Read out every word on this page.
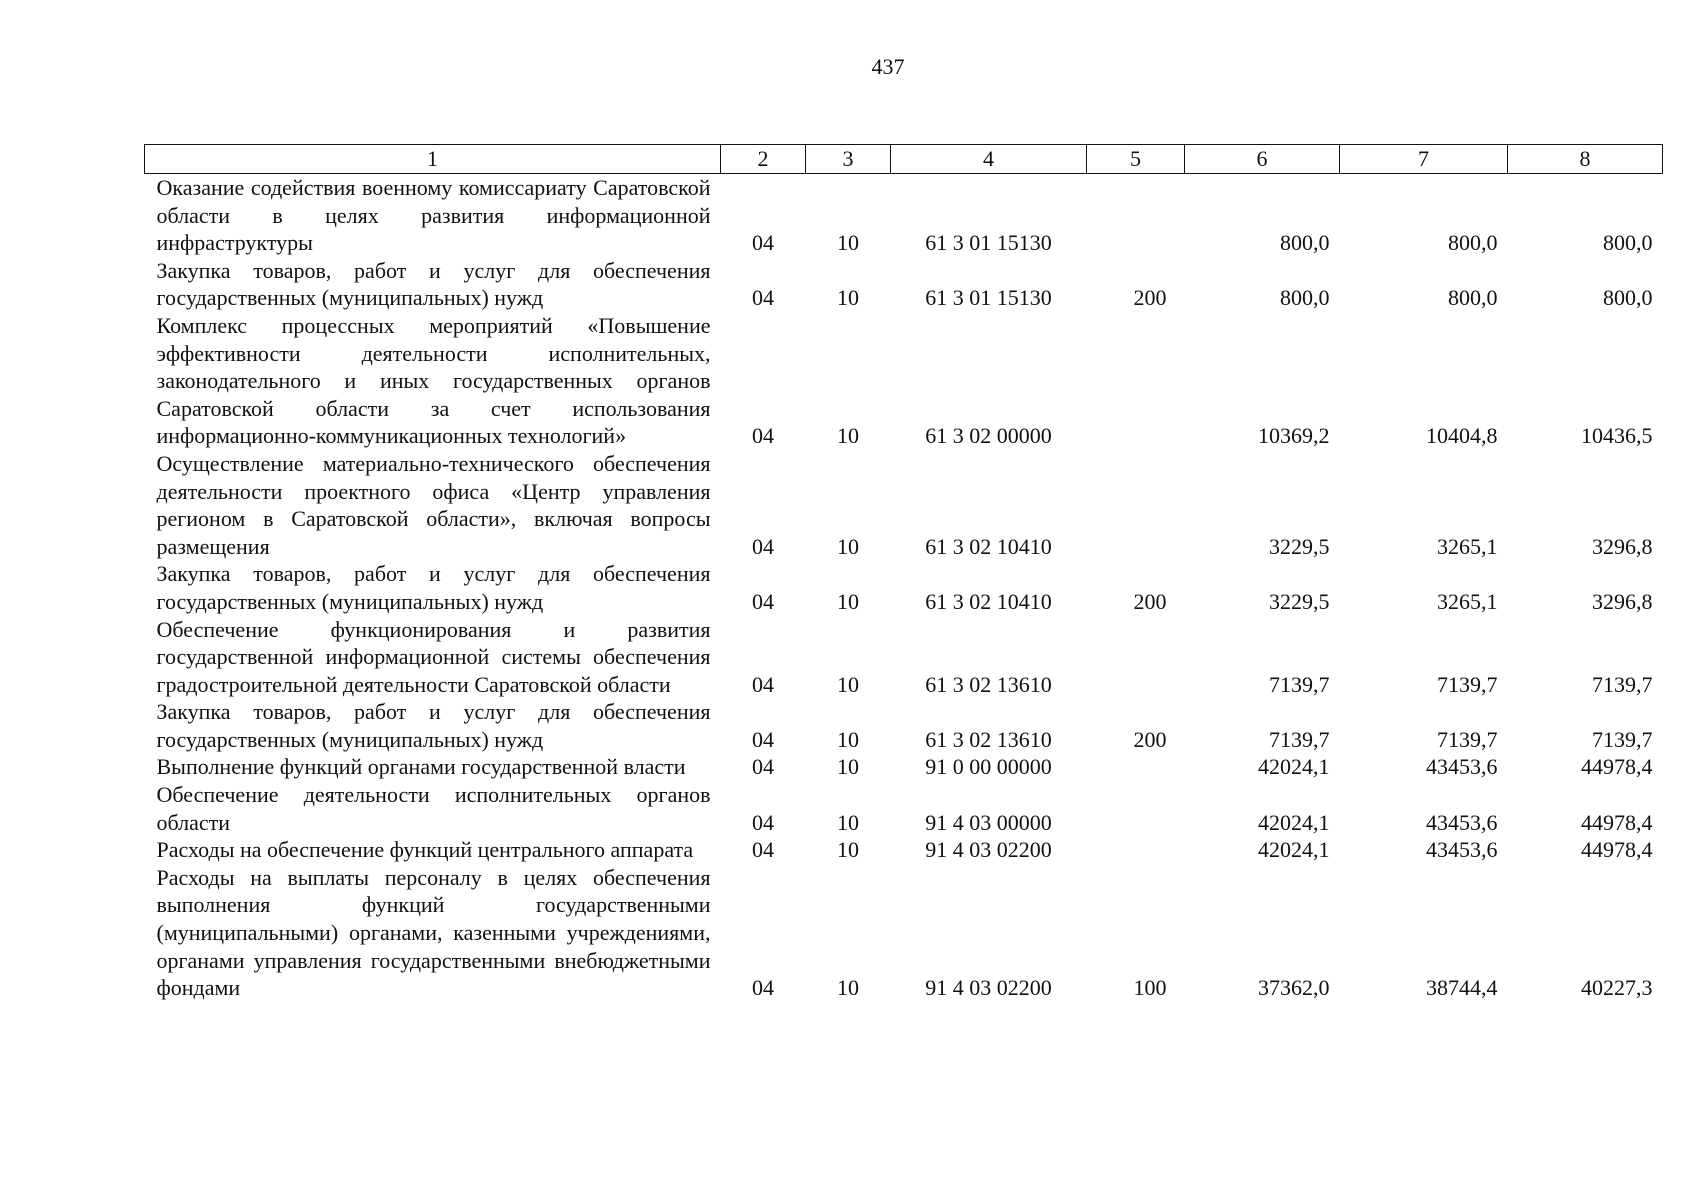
437
1	2	3	4	5	6	7	8
Оказание содействия военному комиссариату Саратовской области в целях развития информационной инфраструктуры	04	10	61 3 01 15130		800,0	800,0	800,0
Закупка товаров, работ и услуг для обеспечения государственных (муниципальных) нужд	04	10	61 3 01 15130	200	800,0	800,0	800,0
Комплекс процессных мероприятий «Повышение эффективности деятельности исполнительных, законодательного и иных государственных органов Саратовской области за счет использования информационно-коммуникационных технологий»	04	10	61 3 02 00000		10369,2	10404,8	10436,5
Осуществление материально-технического обеспечения деятельности проектного офиса «Центр управления регионом в Саратовской области», включая вопросы размещения	04	10	61 3 02 10410		3229,5	3265,1	3296,8
Закупка товаров, работ и услуг для обеспечения государственных (муниципальных) нужд	04	10	61 3 02 10410	200	3229,5	3265,1	3296,8
Обеспечение функционирования и развития государственной информационной системы обеспечения градостроительной деятельности Саратовской области	04	10	61 3 02 13610		7139,7	7139,7	7139,7
Закупка товаров, работ и услуг для обеспечения государственных (муниципальных) нужд	04	10	61 3 02 13610	200	7139,7	7139,7	7139,7
Выполнение функций органами государственной власти	04	10	91 0 00 00000		42024,1	43453,6	44978,4
Обеспечение деятельности исполнительных органов области	04	10	91 4 03 00000		42024,1	43453,6	44978,4
Расходы на обеспечение функций центрального аппарата	04	10	91 4 03 02200		42024,1	43453,6	44978,4
Расходы на выплаты персоналу в целях обеспечения выполнения функций государственными (муниципальными) органами, казенными учреждениями, органами управления государственными внебюджетными фондами	04	10	91 4 03 02200	100	37362,0	38744,4	40227,3
